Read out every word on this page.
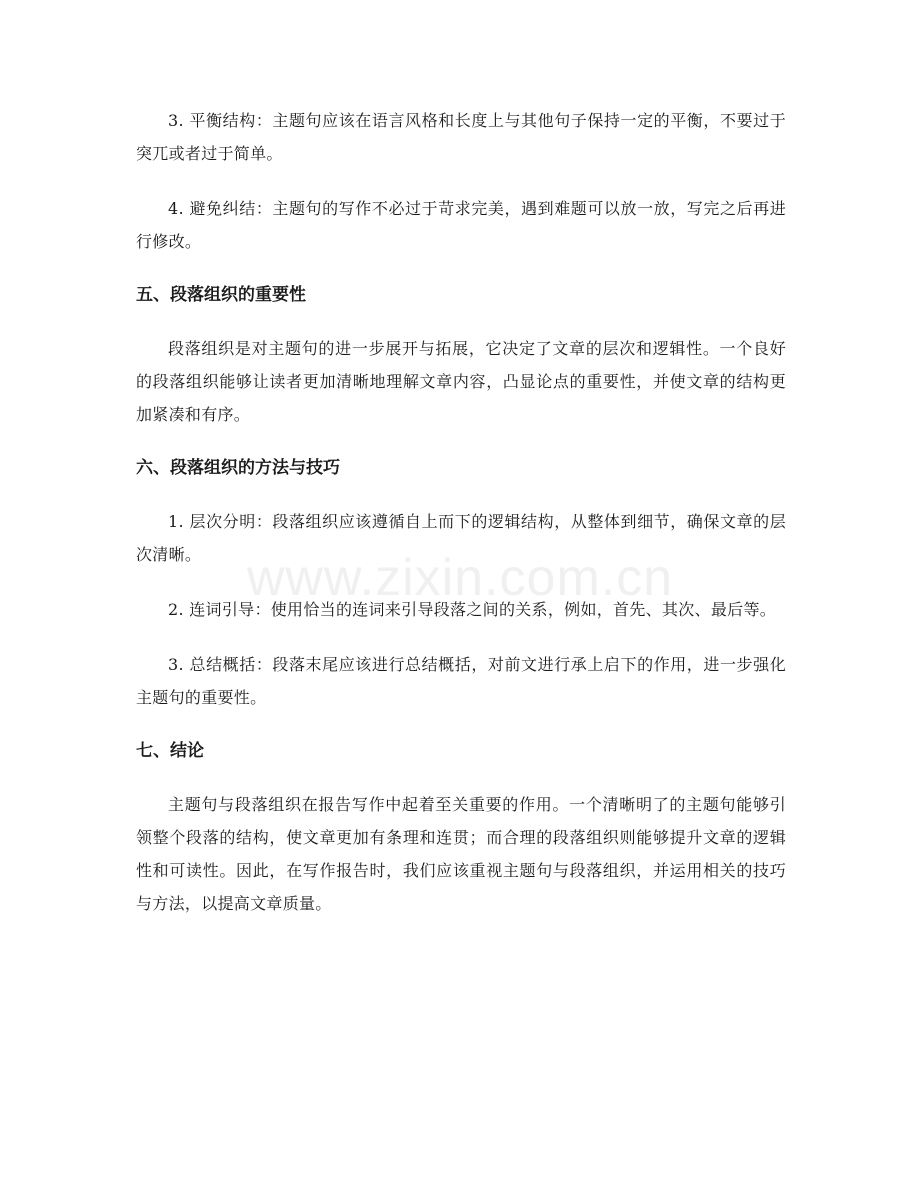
3. 平衡结构：主题句应该在语言风格和长度上与其他句子保持一定的平衡，不要过于突兀或者过于简单。

4. 避免纠结：主题句的写作不必过于苛求完美，遇到难题可以放一放，写完之后再进行修改。

五、段落组织的重要性

段落组织是对主题句的进一步展开与拓展，它决定了文章的层次和逻辑性。一个良好的段落组织能够让读者更加清晰地理解文章内容，凸显论点的重要性，并使文章的结构更加紧凑和有序。

六、段落组织的方法与技巧

1. 层次分明：段落组织应该遵循自上而下的逻辑结构，从整体到细节，确保文章的层次清晰。

2. 连词引导：使用恰当的连词来引导段落之间的关系，例如，首先、其次、最后等。

3. 总结概括：段落末尾应该进行总结概括，对前文进行承上启下的作用，进一步强化主题句的重要性。

七、结论

主题句与段落组织在报告写作中起着至关重要的作用。一个清晰明了的主题句能够引领整个段落的结构，使文章更加有条理和连贯；而合理的段落组织则能够提升文章的逻辑性和可读性。因此，在写作报告时，我们应该重视主题句与段落组织，并运用相关的技巧与方法，以提高文章质量。

www.zixin.com.cn
